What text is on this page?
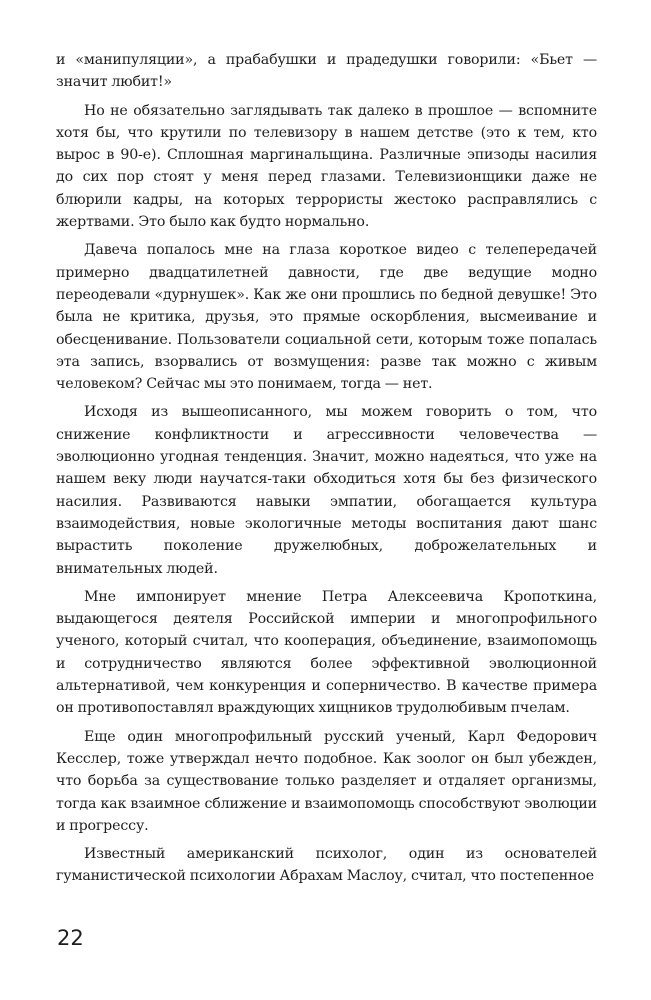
и «манипуляции», а прабабушки и прадедушки говорили: «Бьет — значит любит!»

Но не обязательно заглядывать так далеко в прошлое — вспомните хотя бы, что крутили по телевизору в нашем детстве (это к тем, кто вырос в 90-е). Сплошная маргинальщина. Различные эпизоды насилия до сих пор стоят у меня перед глазами. Телевизионщики даже не блюрили кадры, на которых террористы жестоко расправлялись с жертвами. Это было как будто нормально.

Давеча попалось мне на глаза короткое видео с телепередачей примерно двадцатилетней давности, где две ведущие модно переодевали «дурнушек». Как же они прошлись по бедной девушке! Это была не критика, друзья, это прямые оскорбления, высмеивание и обесценивание. Пользователи социальной сети, которым тоже попалась эта запись, взорвались от возмущения: разве так можно с живым человеком? Сейчас мы это понимаем, тогда — нет.

Исходя из вышеописанного, мы можем говорить о том, что снижение конфликтности и агрессивности человечества — эволюционно угодная тенденция. Значит, можно надеяться, что уже на нашем веку люди научатся-таки обходиться хотя бы без физического насилия. Развиваются навыки эмпатии, обогащается культура взаимодействия, новые экологичные методы воспитания дают шанс вырастить поколение дружелюбных, доброжелательных и внимательных людей.

Мне импонирует мнение Петра Алексеевича Кропоткина, выдающегося деятеля Российской империи и многопрофильного ученого, который считал, что кооперация, объединение, взаимопомощь и сотрудничество являются более эффективной эволюционной альтернативой, чем конкуренция и соперничество. В качестве примера он противопоставлял враждующих хищников трудолюбивым пчелам.

Еще один многопрофильный русский ученый, Карл Федорович Кесслер, тоже утверждал нечто подобное. Как зоолог он был убежден, что борьба за существование только разделяет и отдаляет организмы, тогда как взаимное сближение и взаимопомощь способствуют эволюции и прогрессу.

Известный американский психолог, один из основателей гуманистической психологии Абрахам Маслоу, считал, что постепенное

22
